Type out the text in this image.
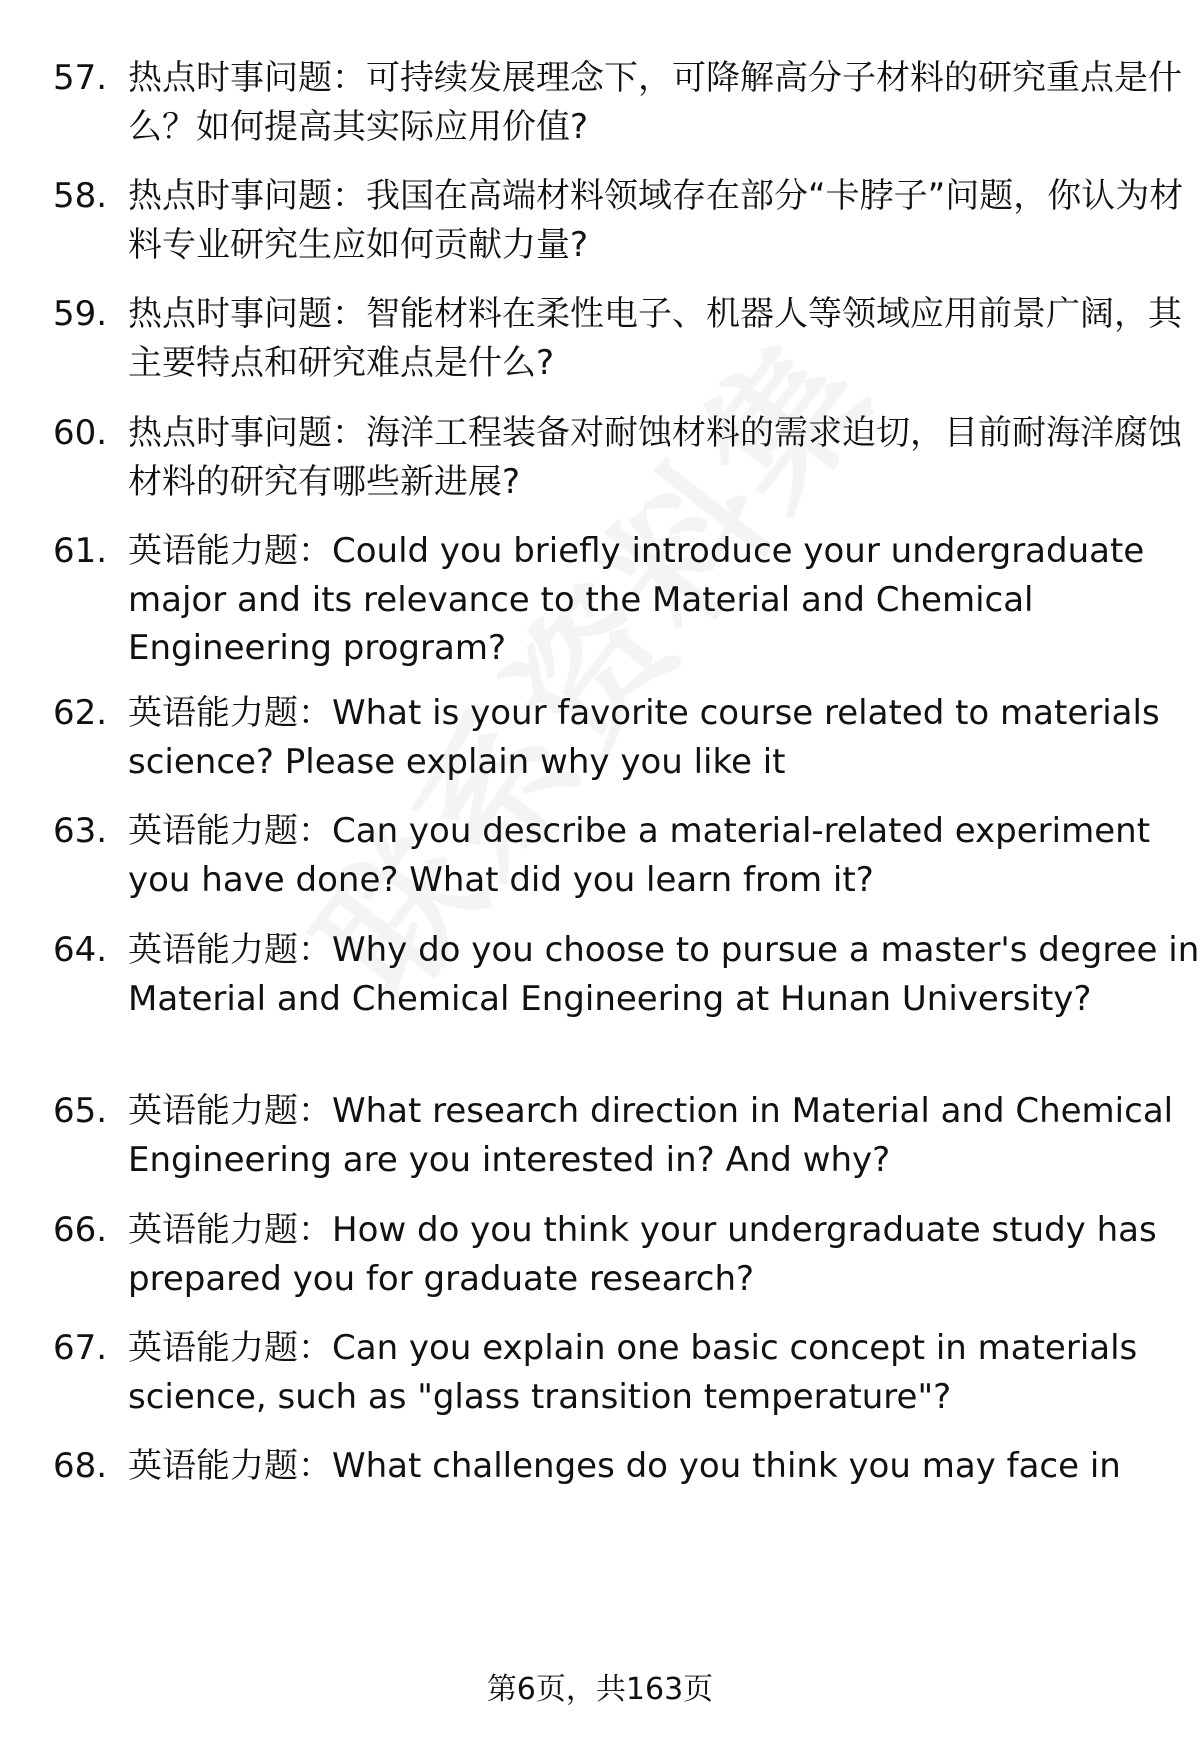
57. 热点时事问题：可持续发展理念下，可降解高分子材料的研究重点是什么？如何提高其实际应用价值?
58. 热点时事问题：我国在高端材料领域存在部分“卡脖子”问题，你认为材料专业研究生应如何贡献力量?
59. 热点时事问题：智能材料在柔性电子、机器人等领域应用前景广阔，其主要特点和研究难点是什么?
60. 热点时事问题：海洋工程装备对耐蚀材料的需求迫切，目前耐海洋腐蚀材料的研究有哪些新进展?
61. 英语能力题：Could you briefly introduce your undergraduate major and its relevance to the Material and Chemical Engineering program?
62. 英语能力题：What is your favorite course related to materials science? Please explain why you like it
63. 英语能力题：Can you describe a material-related experiment you have done? What did you learn from it?
64. 英语能力题：Why do you choose to pursue a master's degree in Material and Chemical Engineering at Hunan University?
65. 英语能力题：What research direction in Material and Chemical Engineering are you interested in? And why?
66. 英语能力题：How do you think your undergraduate study has prepared you for graduate research?
67. 英语能力题：Can you explain one basic concept in materials science, such as "glass transition temperature"?
68. 英语能力题：What challenges do you think you may face in
第6页，共163页
